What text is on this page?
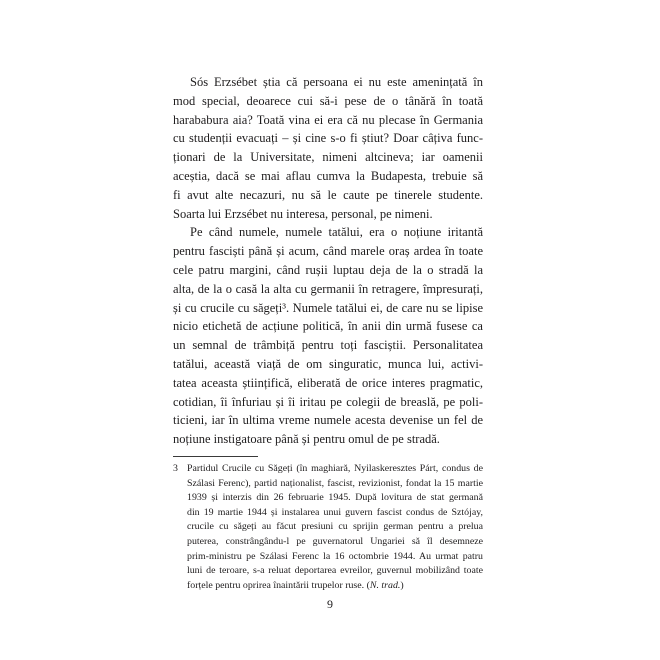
Sós Erzsébet știa că persoana ei nu este amenințată în
mod special, deoarece cui să-i pese de o tânără în toată
harababura aia? Toată vina ei era că nu plecase în Germania
cu studenții evacuați – și cine s-o fi știut? Doar câțiva func-
ționari de la Universitate, nimeni altcineva; iar oamenii
aceștia, dacă se mai aflau cumva la Budapesta, trebuie să
fi avut alte necazuri, nu să le caute pe tinerele studente.
Soarta lui Erzsébet nu interesa, personal, pe nimeni.
Pe când numele, numele tatălui, era o noțiune iritantă
pentru fasciști până și acum, când marele oraș ardea în toate
cele patru margini, când rușii luptau deja de la o stradă la
alta, de la o casă la alta cu germanii în retragere, împresurați,
și cu crucile cu săgeți³. Numele tatălui ei, de care nu se lipise
nicio etichetă de acțiune politică, în anii din urmă fusese ca
un semnal de trâmbiță pentru toți fasciștii. Personalitatea
tatălui, această viață de om singuratic, munca lui, activi-
tatea aceasta științifică, eliberată de orice interes pragmatic,
cotidian, îi înfuriau și îi iritau pe colegii de breaslă, pe poli-
ticieni, iar în ultima vreme numele acesta devenise un fel de
noțiune instigatoare până și pentru omul de pe stradă.
3 Partidul Crucile cu Săgeți (în maghiară, Nyilaskeresztes Párt, condus de
Szálasi Ferenc), partid naționalist, fascist, revizionist, fondat la 15 martie
1939 și interzis din 26 februarie 1945. După lovitura de stat germană
din 19 martie 1944 și instalarea unui guvern fascist condus de Sztójay,
crucile cu săgeți au făcut presiuni cu sprijin german pentru a prelua
puterea, constrângându-l pe guvernatorul Ungariei să îl desemneze
prim-ministru pe Szálasi Ferenc la 16 octombrie 1944. Au urmat patru
luni de teroare, s-a reluat deportarea evreilor, guvernul mobilizând toate
forțele pentru oprirea înaintării trupelor ruse. (N. trad.)
9
